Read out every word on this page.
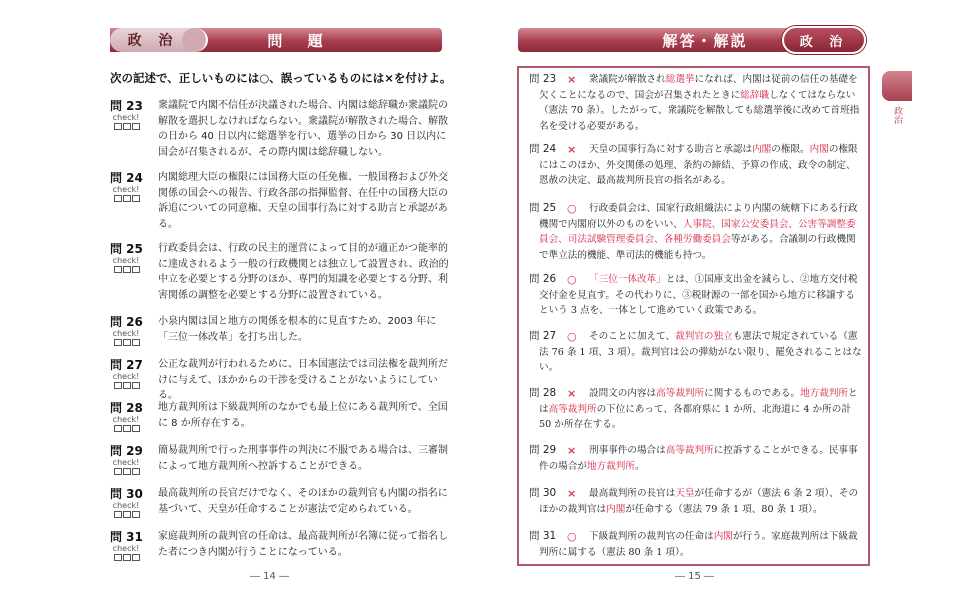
政 治	問 題
次の記述で、正しいものには○、誤っているものには×を付けよ。
問 23
check!
衆議院で内閣不信任が決議された場合、内閣は総辞職か衆議院の解散を選択しなければならない。衆議院が解散された場合、解散の日から 40 日以内に総選挙を行い、選挙の日から 30 日以内に国会が召集されるが、その際内閣は総辞職しない。
問 24
check!
内閣総理大臣の権限には国務大臣の任免権、一般国務および外交関係の国会への報告、行政各部の指揮監督、在任中の国務大臣の訴追についての同意権、天皇の国事行為に対する助言と承認がある。
問 25
check!
行政委員会は、行政の民主的運営によって目的が適正かつ能率的に達成されるよう一般の行政機関とは独立して設置され、政治的中立を必要とする分野のほか、専門的知識を必要とする分野、利害関係の調整を必要とする分野に設置されている。
問 26
check!
小泉内閣は国と地方の関係を根本的に見直すため、2003 年に「三位一体改革」を打ち出した。
問 27
check!
公正な裁判が行われるために、日本国憲法では司法権を裁判所だけに与えて、ほかからの干渉を受けることがないようにしている。
問 28
check!
地方裁判所は下級裁判所のなかでも最上位にある裁判所で、全国に 8 か所存在する。
問 29
check!
簡易裁判所で行った刑事事件の判決に不服である場合は、三審制によって地方裁判所へ控訴することができる。
問 30
check!
最高裁判所の長官だけでなく、そのほかの裁判官も内閣の指名に基づいて、天皇が任命することが憲法で定められている。
問 31
check!
家庭裁判所の裁判官の任命は、最高裁判所が名簿に従って指名した者につき内閣が行うことになっている。
― 14 ―
解答・解説	政 治
衆議院が解散され総選挙になれば、内閣は従前の信任の基礎を欠くことになるので、国会が召集されたときに総辞職しなくてはならない（憲法 70 条）。したがって、衆議院を解散しても総選挙後に改めて首班指名を受ける必要がある。
問 23 ×
天皇の国事行為に対する助言と承認は内閣の権限。内閣の権限にはこのほか、外交関係の処理、条約の締結、予算の作成、政令の制定、恩赦の決定、最高裁判所長官の指名がある。
問 24 ×
行政委員会は、国家行政組織法により内閣の統轄下にある行政機関で内閣府以外のものをいい、人事院、国家公安委員会、公害等調整委員会、司法試験管理委員会、各種労働委員会等がある。合議制の行政機関で準立法的機能、準司法的機能も持つ。
問 25 ○
「三位一体改革」とは、①国庫支出金を減らし、②地方交付税交付金を見直す。その代わりに、③税財源の一部を国から地方に移譲するという 3 点を、一体として進めていく政策である。
問 26 ○
そのことに加えて、裁判官の独立も憲法で規定されている（憲法 76 条 1 項、3 項）。裁判官は公の弾劾がない限り、罷免されることはない。
問 27 ○
設問文の内容は高等裁判所に関するものである。地方裁判所とは高等裁判所の下位にあって、各都府県に 1 か所、北海道に 4 か所の計 50 か所存在する。
問 28 ×
刑事事件の場合は高等裁判所に控訴することができる。民事事件の場合が地方裁判所。
問 29 ×
最高裁判所の長官は天皇が任命するが（憲法 6 条 2 項）、そのほかの裁判官は内閣が任命する（憲法 79 条 1 項、80 条 1 項）。
問 30 ×
下級裁判所の裁判官の任命は内閣が行う。家庭裁判所は下級裁判所に属する（憲法 80 条 1 項）。
問 31 ○
政治
― 15 ―
